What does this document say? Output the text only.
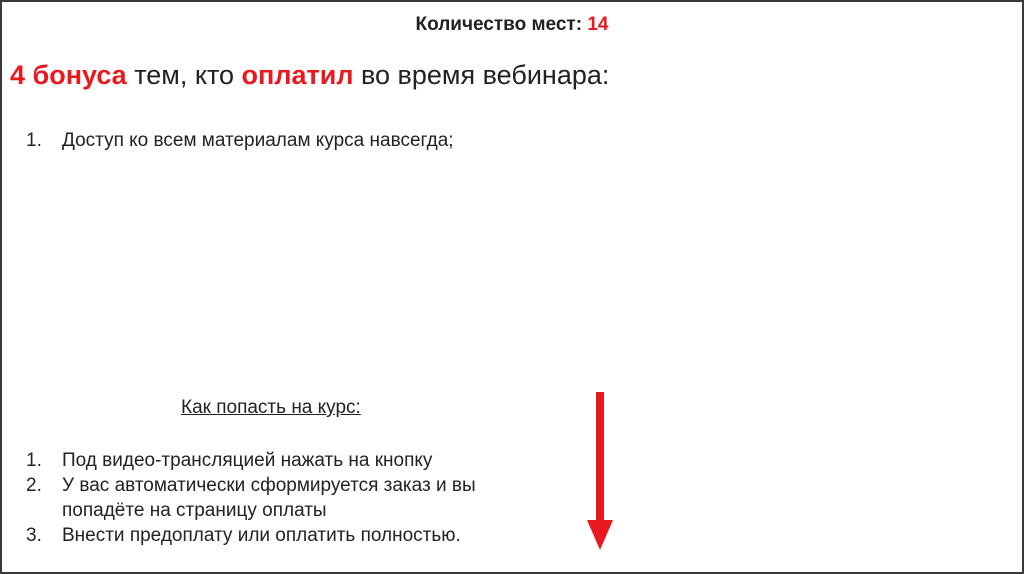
Количество мест: 14
4 бонуса тем, кто оплатил во время вебинара:
1. Доступ ко всем материалам курса навсегда;
Как попасть на курс:
1. Под видео-трансляцией нажать на кнопку
2. У вас автоматически сформируется заказ и вы попадёте на страницу оплаты
3. Внести предоплату или оплатить полностью.
